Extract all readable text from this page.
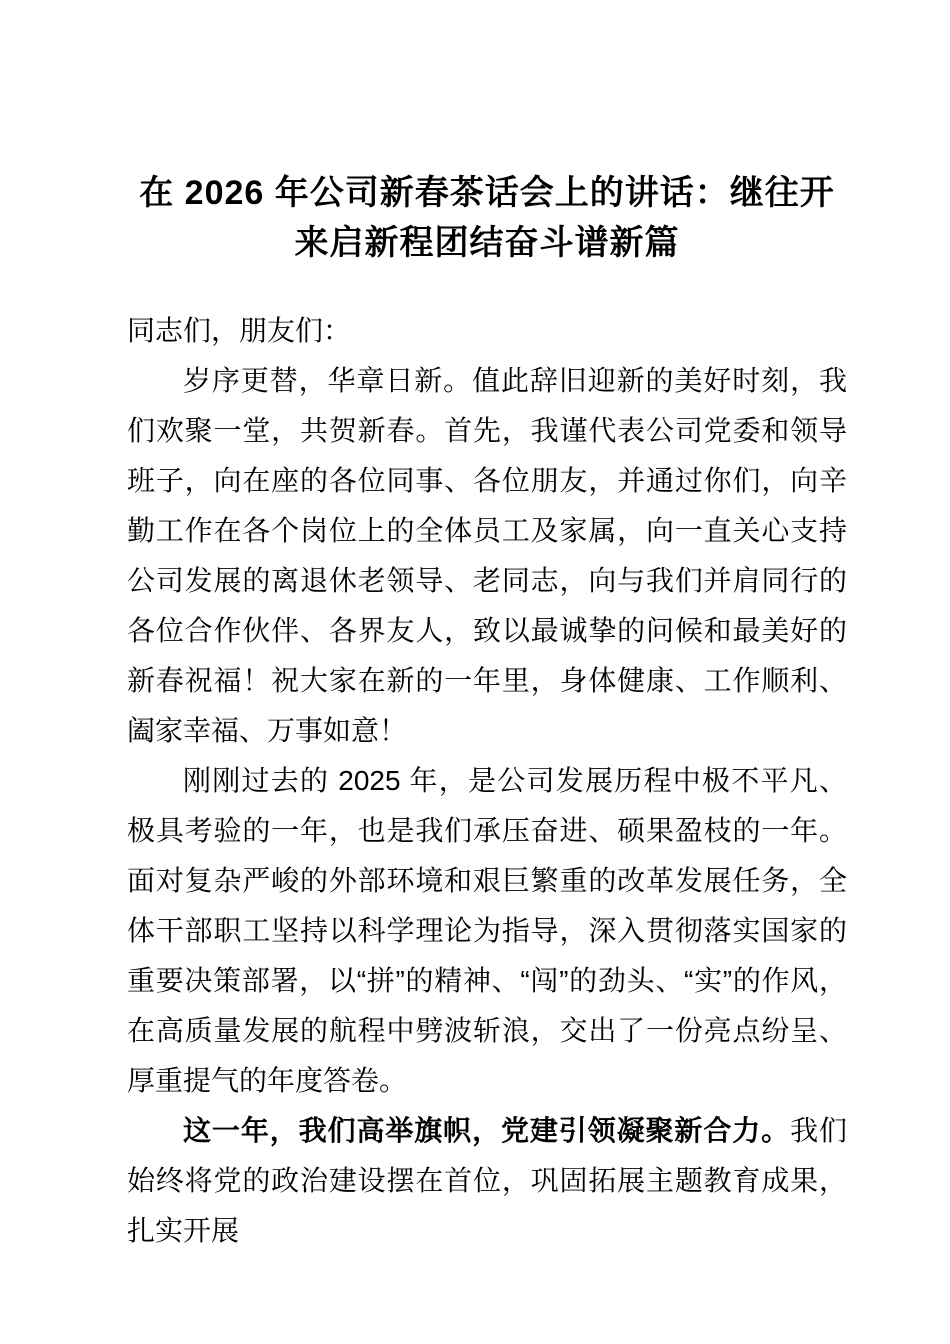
在 2026 年公司新春茶话会上的讲话：继往开
来启新程团结奋斗谱新篇

同志们，朋友们：

岁序更替，华章日新。值此辞旧迎新的美好时刻，我们欢聚一堂，共贺新春。首先，我谨代表公司党委和领导班子，向在座的各位同事、各位朋友，并通过你们，向辛勤工作在各个岗位上的全体员工及家属，向一直关心支持公司发展的离退休老领导、老同志，向与我们并肩同行的各位合作伙伴、各界友人，致以最诚挚的问候和最美好的新春祝福！祝大家在新的一年里，身体健康、工作顺利、阖家幸福、万事如意！

刚刚过去的 2025 年，是公司发展历程中极不平凡、极具考验的一年，也是我们承压奋进、硕果盈枝的一年。面对复杂严峻的外部环境和艰巨繁重的改革发展任务，全体干部职工坚持以科学理论为指导，深入贯彻落实国家的重要决策部署，以“拼”的精神、“闯”的劲头、“实”的作风，在高质量发展的航程中劈波斩浪，交出了一份亮点纷呈、厚重提气的年度答卷。

这一年，我们高举旗帜，党建引领凝聚新合力。我们始终将党的政治建设摆在首位，巩固拓展主题教育成果，扎实开展
